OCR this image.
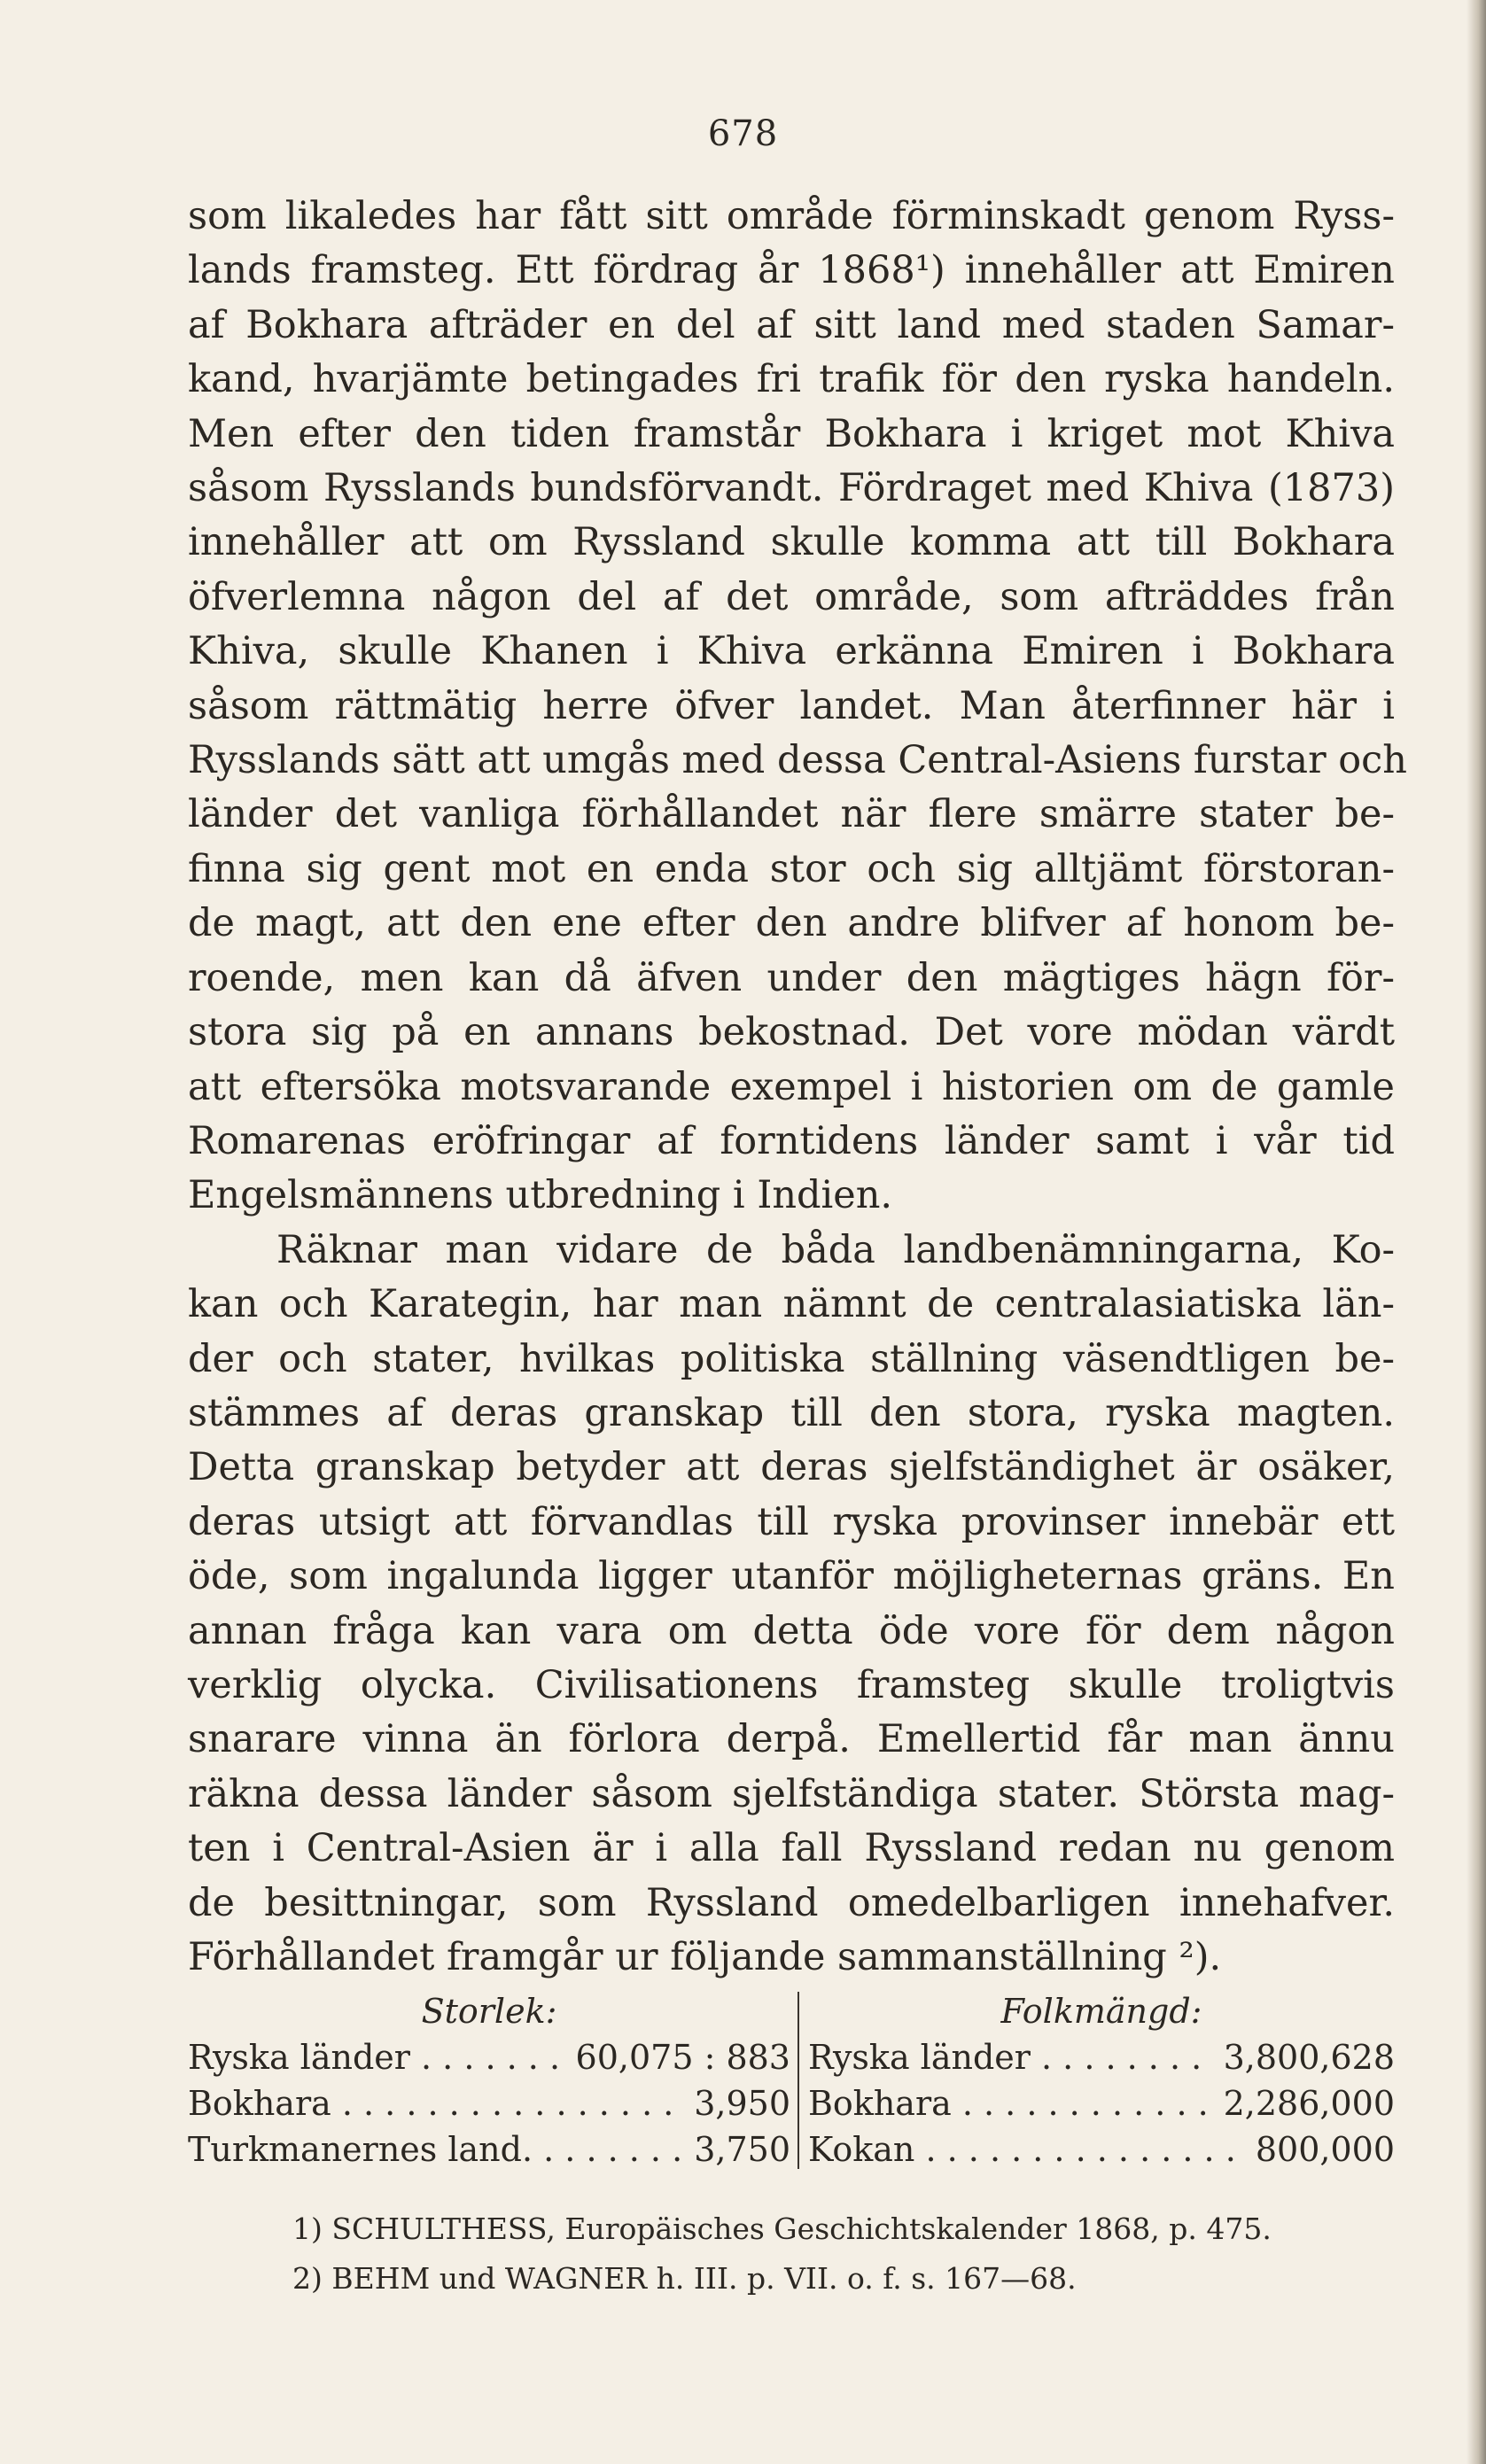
678
som likaledes har fått sitt område förminskadt genom Ryss-
lands framsteg. Ett fördrag år 1868¹) innehåller att Emiren
af Bokhara afträder en del af sitt land med staden Samar-
kand, hvarjämte betingades fri trafik för den ryska handeln.
Men efter den tiden framstår Bokhara i kriget mot Khiva
såsom Rysslands bundsförvandt. Fördraget med Khiva (1873)
innehåller att om Ryssland skulle komma att till Bokhara
öfverlemna någon del af det område, som afträddes från
Khiva, skulle Khanen i Khiva erkänna Emiren i Bokhara
såsom rättmätig herre öfver landet. Man återfinner här i
Rysslands sätt att umgås med dessa Central-Asiens furstar och
länder det vanliga förhållandet när flere smärre stater be-
finna sig gent mot en enda stor och sig alltjämt förstoran-
de magt, att den ene efter den andre blifver af honom be-
roende, men kan då äfven under den mägtiges hägn för-
stora sig på en annans bekostnad. Det vore mödan värdt
att eftersöka motsvarande exempel i historien om de gamle
Romarenas eröfringar af forntidens länder samt i vår tid
Engelsmännens utbredning i Indien.
Räknar man vidare de båda landbenämningarna, Ko-
kan och Karategin, har man nämnt de centralasiatiska län-
der och stater, hvilkas politiska ställning väsendtligen be-
stämmes af deras granskap till den stora, ryska magten.
Detta granskap betyder att deras sjelfständighet är osäker,
deras utsigt att förvandlas till ryska provinser innebär ett
öde, som ingalunda ligger utanför möjligheternas gräns. En
annan fråga kan vara om detta öde vore för dem någon
verklig olycka. Civilisationens framsteg skulle troligtvis
snarare vinna än förlora derpå. Emellertid får man ännu
räkna dessa länder såsom sjelfständiga stater. Största mag-
ten i Central-Asien är i alla fall Ryssland redan nu genom
de besittningar, som Ryssland omedelbarligen innehafver.
Förhållandet framgår ur följande sammanställning ²).
Storlek:
Ryska länder . . .	60,075 : 883
Bokhara . . .	3,950
Turkmanernes land. . . .	3,750
Folkmängd:
Ryska länder . . .	3,800,628
Bokhara . . .	2,286,000
Kokan . . .	800,000
1) SCHULTHESS, Europäisches Geschichtskalender 1868, p. 475.
2) BEHM und WAGNER h. III. p. VII. o. f. s. 167—68.
